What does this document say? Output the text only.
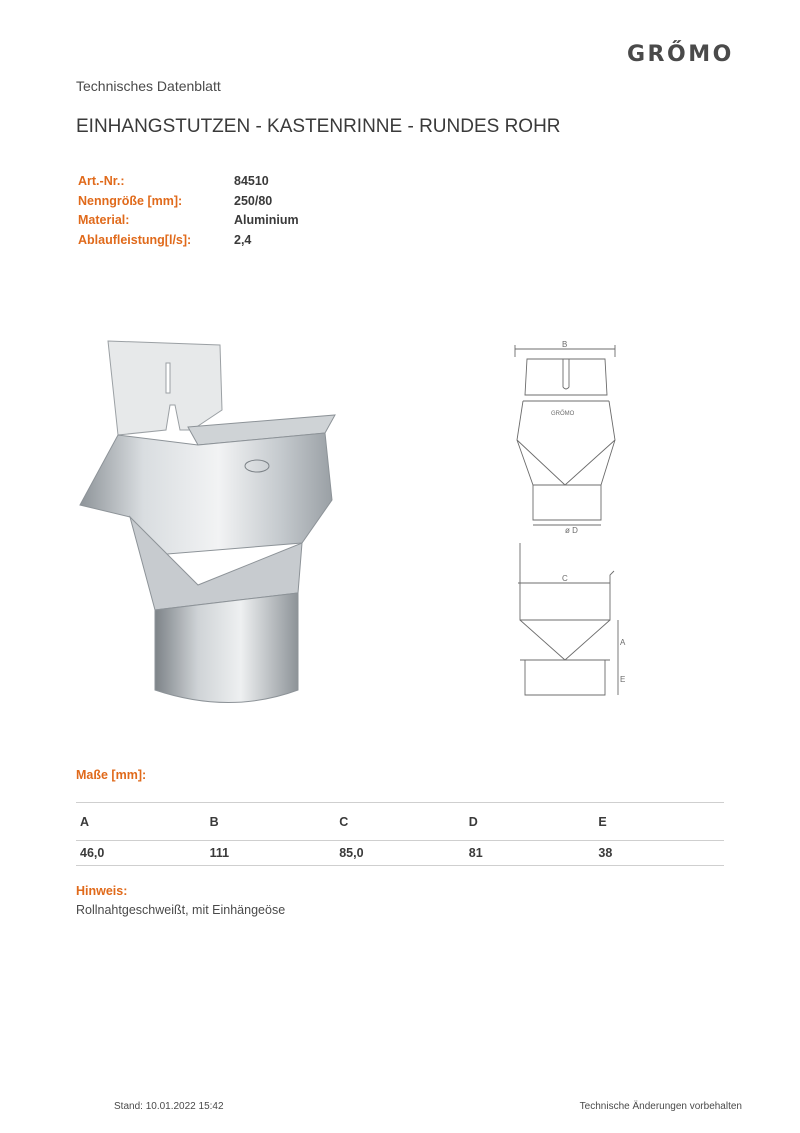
GRŐMO
Technisches Datenblatt
EINHANGSTUTZEN - KASTENRINNE - RUNDES ROHR
Art.-Nr.:	84510
Nenngröße [mm]:	250/80
Material:	Aluminium
Ablaufleistung[l/s]:	2,4
B
GRŐMO
ø D
C
A
E
Maße [mm]:
A	B	C	D	E
46,0	111	85,0	81	38
Hinweis:
Rollnahtgeschweißt, mit Einhängeöse
Stand: 10.01.2022 15:42	Technische Änderungen vorbehalten
